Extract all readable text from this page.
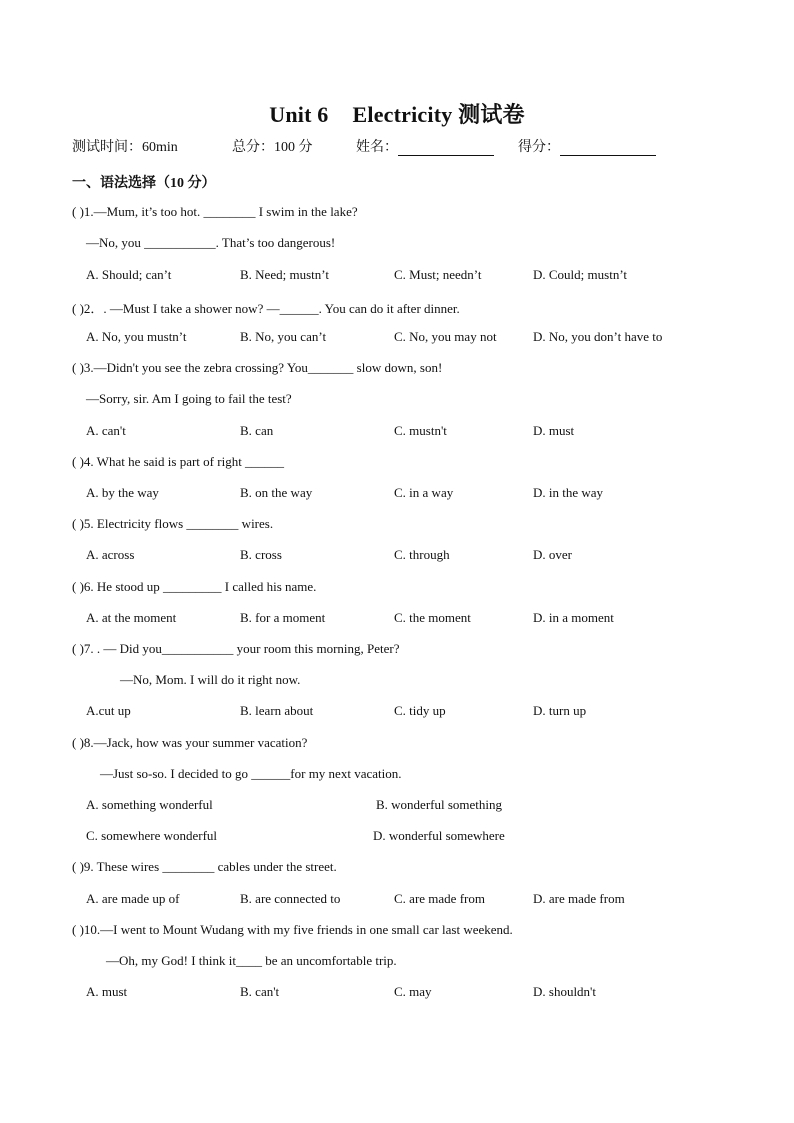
Unit 6 Electricity 测试卷
测试时间：60min	总分：100 分	姓名：	得分：
一、语法选择（10 分）
( )1.—Mum, it’s too hot. ________ I swim in the lake?
—No, you ___________. That’s too dangerous!
A. Should; can’t	B. Need; mustn’t	C. Must; needn’t	D. Could; mustn’t
( )2．. —Must I take a shower now? —______. You can do it after dinner.
A. No, you mustn’t	B. No, you can’t	C. No, you may not	D. No, you don’t have to
( )3.—Didn't you see the zebra crossing? You_______ slow down, son!
—Sorry, sir. Am I going to fail the test?
A. can't	B. can	C. mustn't	D. must
( )4. What he said is part of right ______
A. by the way	B. on the way	C. in a way	D. in the way
( )5. Electricity flows ________ wires.
A. across	B. cross	C. through	D. over
( )6. He stood up _________ I called his name.
A. at the moment	B. for a moment	C. the moment	D. in a moment
( )7. . — Did you___________ your room this morning, Peter?
—No, Mom. I will do it right now.
A.cut up	B. learn about	C. tidy up	D. turn up
( )8.—Jack, how was your summer vacation?
—Just so-so. I decided to go ______for my next vacation.
A. something wonderful	B. wonderful something
C. somewhere wonderful	D. wonderful somewhere
( )9. These wires ________ cables under the street.
A. are made up of	B. are connected to	C. are made from	D. are made from
( )10.—I went to Mount Wudang with my five friends in one small car last weekend.
—Oh, my God! I think it____ be an uncomfortable trip.
A. must	B. can't	C. may	D. shouldn't
